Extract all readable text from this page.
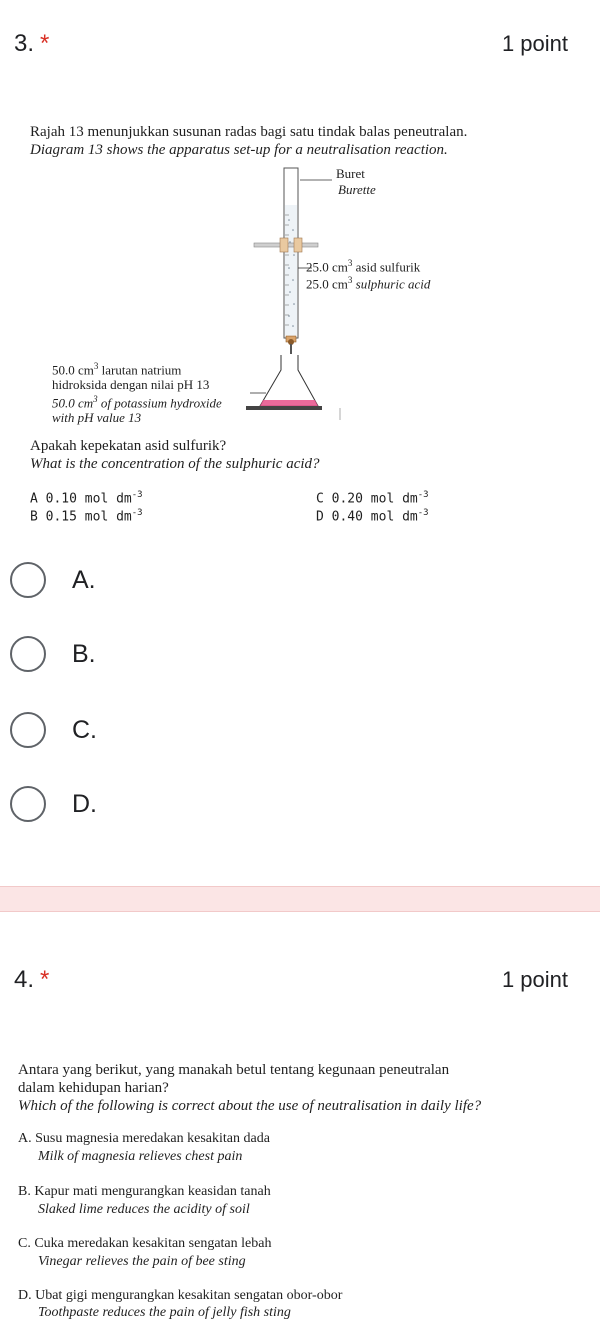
3. *	1 point
Rajah 13 menunjukkan susunan radas bagi satu tindak balas peneutralan.
Diagram 13 shows the apparatus set-up for a neutralisation reaction.
Buret
Burette
25.0 $cm^3$ asid sulfurik
25.0 $cm^3$ sulphuric acid
50.0 $cm^3$ larutan natrium
hidroksida dengan nilai pH 13
50.0 $cm^3$ of potassium hydroxide
with pH value 13
Apakah kepekatan asid sulfurik?
What is the concentration of the sulphuric acid?
A 0.10 mol $dm^{-3}$
B 0.15 mol $dm^{-3}$
C 0.20 mol $dm^{-3}$
D 0.40 mol $dm^{-3}$
A.
B.
C.
D.
4. *	1 point
Antara yang berikut, yang manakah betul tentang kegunaan peneutralan
dalam kehidupan harian?
Which of the following is correct about the use of neutralisation in daily life?
A. Susu magnesia meredakan kesakitan dada
Milk of magnesia relieves chest pain
B. Kapur mati mengurangkan keasidan tanah
Slaked lime reduces the acidity of soil
C. Cuka meredakan kesakitan sengatan lebah
Vinegar relieves the pain of bee sting
D. Ubat gigi mengurangkan kesakitan sengatan obor-obor
Toothpaste reduces the pain of jelly fish sting
